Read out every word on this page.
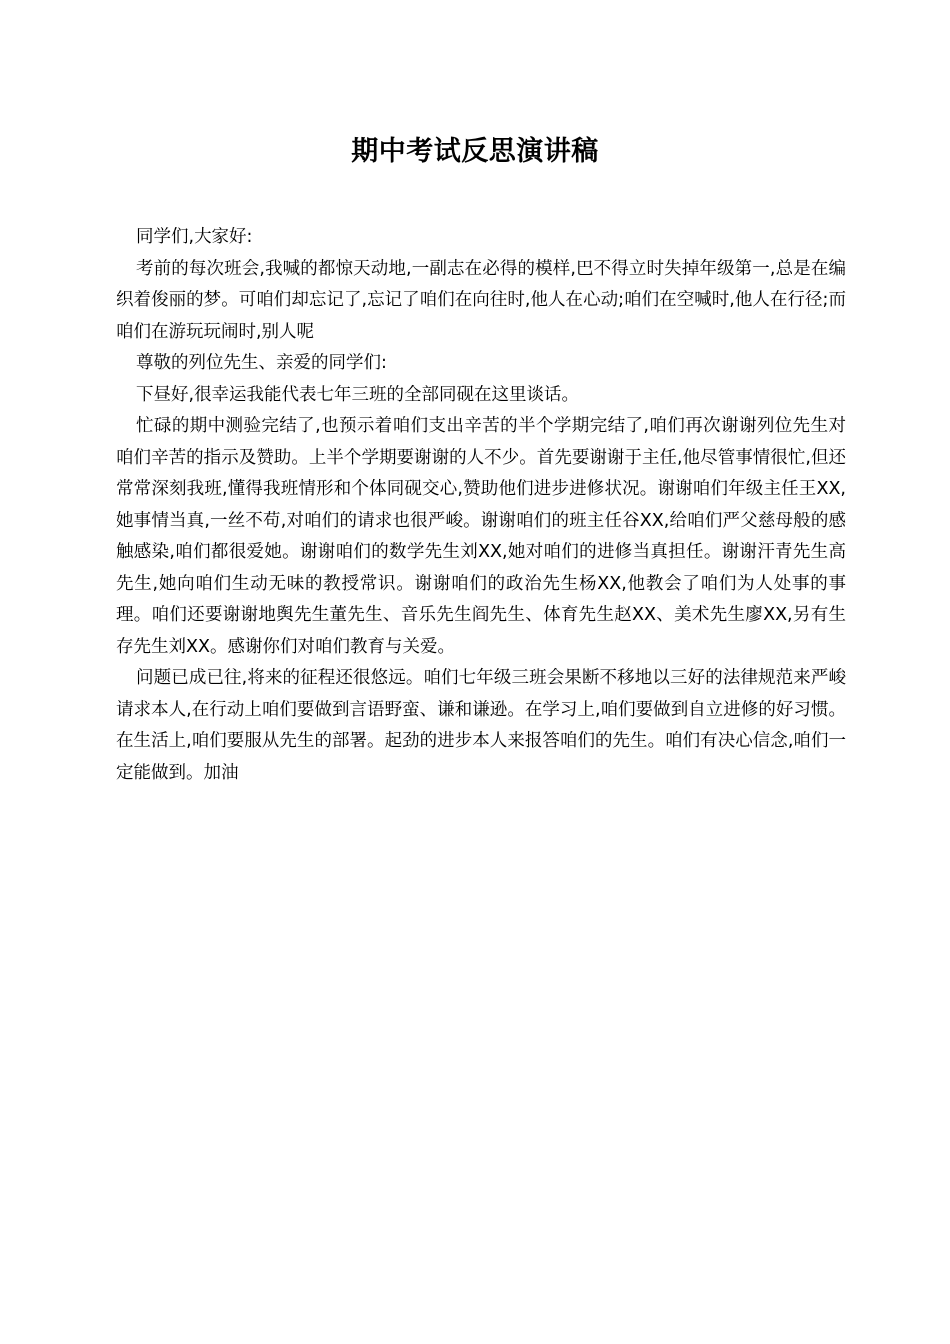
期中考试反思演讲稿

同学们,大家好:

考前的每次班会,我喊的都惊天动地,一副志在必得的模样,巴不得立时失掉年级第一,总是在编织着俊丽的梦。可咱们却忘记了,忘记了咱们在向往时,他人在心动;咱们在空喊时,他人在行径;而咱们在游玩玩闹时,别人呢

尊敬的列位先生、亲爱的同学们:

下昼好,很幸运我能代表七年三班的全部同砚在这里谈话。

忙碌的期中测验完结了,也预示着咱们支出辛苦的半个学期完结了,咱们再次谢谢列位先生对咱们辛苦的指示及赞助。上半个学期要谢谢的人不少。首先要谢谢于主任,他尽管事情很忙,但还常常深刻我班,懂得我班情形和个体同砚交心,赞助他们进步进修状况。谢谢咱们年级主任王XX,她事情当真,一丝不苟,对咱们的请求也很严峻。谢谢咱们的班主任谷XX,给咱们严父慈母般的感触感染,咱们都很爱她。谢谢咱们的数学先生刘XX,她对咱们的进修当真担任。谢谢汗青先生高先生,她向咱们生动无味的教授常识。谢谢咱们的政治先生杨XX,他教会了咱们为人处事的事理。咱们还要谢谢地舆先生董先生、音乐先生阎先生、体育先生赵XX、美术先生廖XX,另有生存先生刘XX。感谢你们对咱们教育与关爱。

问题已成已往,将来的征程还很悠远。咱们七年级三班会果断不移地以三好的法律规范来严峻请求本人,在行动上咱们要做到言语野蛮、谦和谦逊。在学习上,咱们要做到自立进修的好习惯。在生活上,咱们要服从先生的部署。起劲的进步本人来报答咱们的先生。咱们有决心信念,咱们一定能做到。加油
